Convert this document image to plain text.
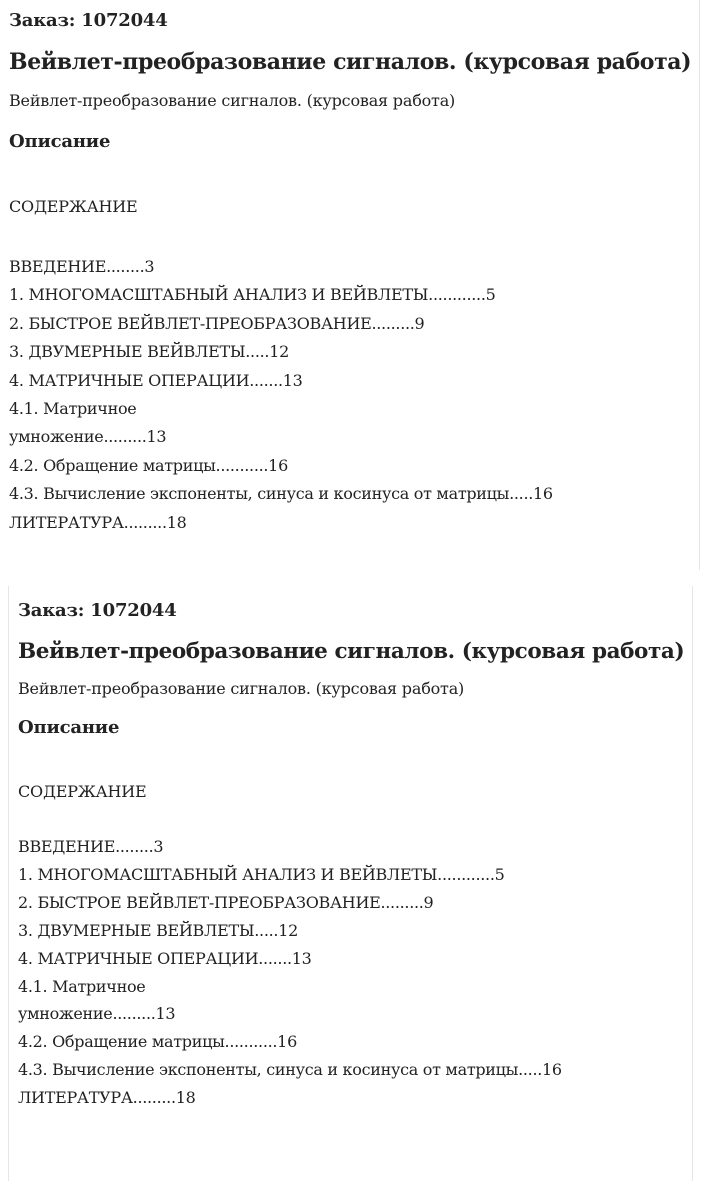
Заказ: 1072044
Вейвлет-преобразование сигналов. (курсовая работа)
Вейвлет-преобразование сигналов. (курсовая работа)
Описание
СОДЕРЖАНИЕ
ВВЕДЕНИЕ........3
1. МНОГОМАСШТАБНЫЙ АНАЛИЗ И ВЕЙВЛЕТЫ............5
2. БЫСТРОЕ ВЕЙВЛЕТ-ПРЕОБРАЗОВАНИЕ.........9
3. ДВУМЕРНЫЕ ВЕЙВЛЕТЫ.....12
4. МАТРИЧНЫЕ ОПЕРАЦИИ.......13
4.1. Матричное
умножение.........13
4.2. Обращение матрицы...........16
4.3. Вычисление экспоненты, синуса и косинуса от матрицы.....16
ЛИТЕРАТУРА.........18
Заказ: 1072044
Вейвлет-преобразование сигналов. (курсовая работа)
Вейвлет-преобразование сигналов. (курсовая работа)
Описание
СОДЕРЖАНИЕ
ВВЕДЕНИЕ........3
1. МНОГОМАСШТАБНЫЙ АНАЛИЗ И ВЕЙВЛЕТЫ............5
2. БЫСТРОЕ ВЕЙВЛЕТ-ПРЕОБРАЗОВАНИЕ.........9
3. ДВУМЕРНЫЕ ВЕЙВЛЕТЫ.....12
4. МАТРИЧНЫЕ ОПЕРАЦИИ.......13
4.1. Матричное
умножение.........13
4.2. Обращение матрицы...........16
4.3. Вычисление экспоненты, синуса и косинуса от матрицы.....16
ЛИТЕРАТУРА.........18
